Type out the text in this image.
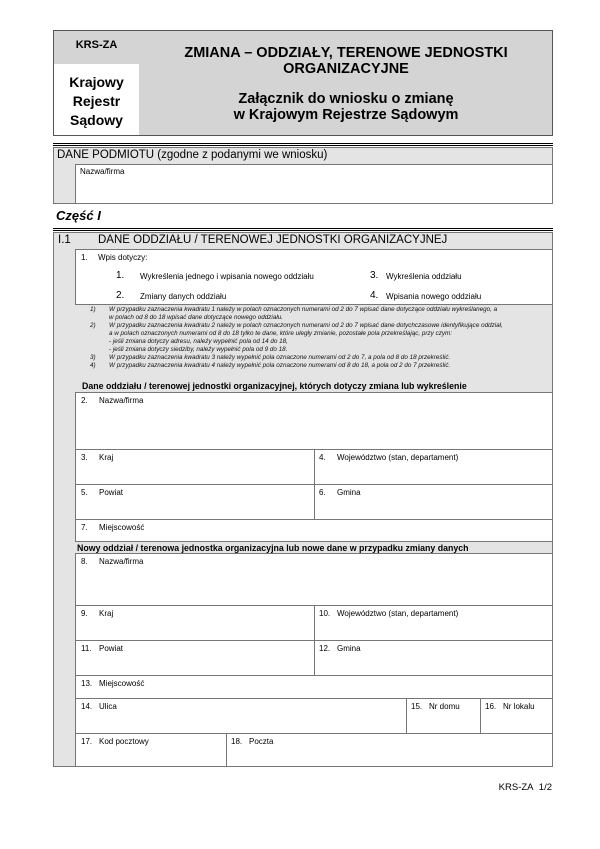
KRS-ZA
Krajowy
Rejestr
Sądowy
ZMIANA – ODDZIAŁY, TERENOWE JEDNOSTKI
ORGANIZACYJNE
Załącznik do wniosku o zmianę
w Krajowym Rejestrze Sądowym
DANE PODMIOTU (zgodne z podanymi we wniosku)
Nazwa/firma
Część I
I.1 DANE ODDZIAŁU / TERENOWEJ JEDNOSTKI ORGANIZACYJNEJ
1. Wpis dotyczy:
1. Wykreślenia jednego i wpisania nowego oddziału
2. Zmiany danych oddziału
3. Wykreślenia oddziału
4. Wpisania nowego oddziału
1) W przypadku zaznaczenia kwadratu 1 należy w polach oznaczonych numerami od 2 do 7 wpisać dane dotyczące oddziału wykreślanego, a
w polach od 8 do 18 wpisać dane dotyczące nowego oddziału.
2) W przypadku zaznaczenia kwadratu 2 należy w polach oznaczonych numerami od 2 do 7 wpisać dane dotychczasowe identyfikujące oddział,
a w polach oznaczonych numerami od 8 do 18 tylko te dane, które uległy zmianie, pozostałe pola przekreślając, przy czym:
- jeśli zmiana dotyczy adresu, należy wypełnić pola od 14 do 18,
- jeśli zmiana dotyczy siedziby, należy wypełnić pola od 9 do 18.
3) W przypadku zaznaczenia kwadratu 3 należy wypełnić pola oznaczone numerami od 2 do 7, a pola od 8 do 18 przekreślić.
4) W przypadku zaznaczenia kwadratu 4 należy wypełnić pola oznaczone numerami od 8 do 18, a pola od 2 do 7 przekreślić.
Dane oddziału / terenowej jednostki organizacyjnej, których dotyczy zmiana lub wykreślenie
2. Nazwa/firma
3. Kraj	4. Województwo (stan, departament)
5. Powiat	6. Gmina
7. Miejscowość
Nowy oddział / terenowa jednostka organizacyjna lub nowe dane w przypadku zmiany danych
8. Nazwa/firma
9. Kraj	10. Województwo (stan, departament)
11. Powiat	12. Gmina
13. Miejscowość
14. Ulica	15. Nr domu	16. Nr lokalu
17. Kod pocztowy	18. Poczta
KRS-ZA 1/2
